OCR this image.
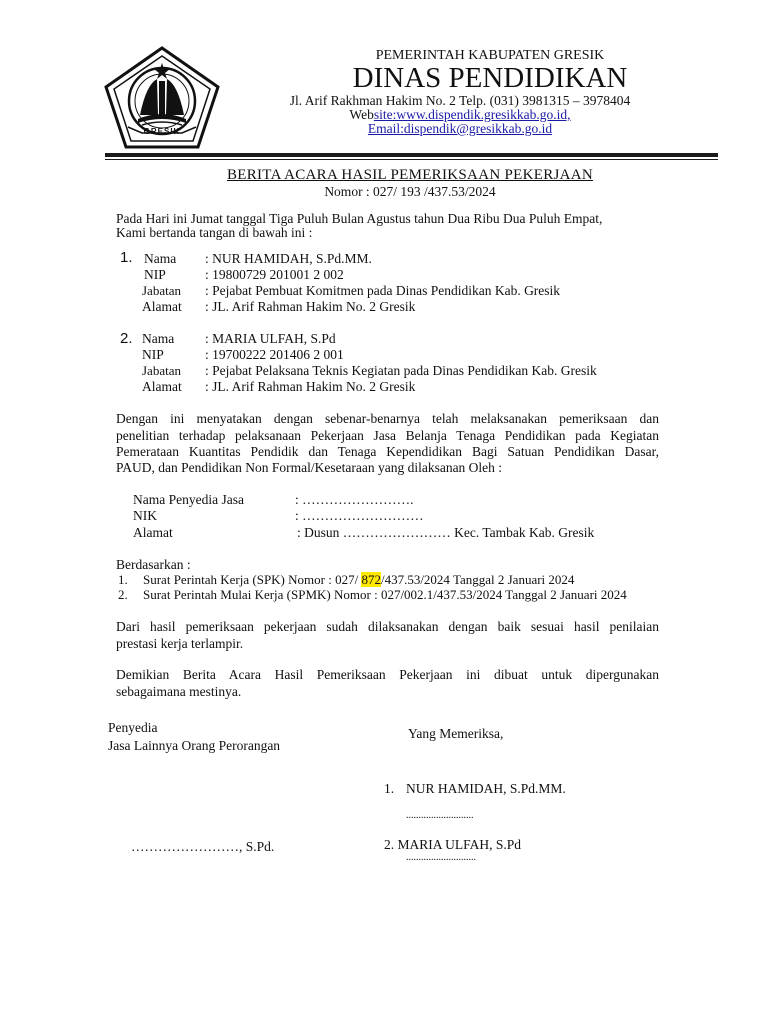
GRESIK
PEMERINTAH KABUPATEN GRESIK
DINAS PENDIDIKAN
Jl. Arif Rakhman Hakim No. 2 Telp. (031) 3981315 – 3978404
Website:www.dispendik.gresikkab.go.id,
Email:dispendik@gresikkab.go.id
BERITA ACARA HASIL PEMERIKSAAN PEKERJAAN
Nomor : 027/ 193 /437.53/2024
Pada Hari ini Jumat tanggal Tiga Puluh Bulan Agustus tahun Dua Ribu Dua Puluh Empat,
Kami bertanda tangan di bawah ini :
1. Nama : NUR HAMIDAH, S.Pd.MM.
NIP	: 19800729 201001 2 002
Jabatan : Pejabat Pembuat Komitmen pada Dinas Pendidikan Kab. Gresik
Alamat : JL. Arif Rahman Hakim No. 2 Gresik
2. Nama : MARIA ULFAH, S.Pd
NIP	: 19700222 201406 2 001
Jabatan : Pejabat Pelaksana Teknis Kegiatan pada Dinas Pendidikan Kab. Gresik
Alamat : JL. Arif Rahman Hakim No. 2 Gresik
Dengan ini menyatakan dengan sebenar-benarnya telah melaksanakan pemeriksaan dan
penelitian terhadap pelaksanaan Pekerjaan Jasa Belanja Tenaga Pendidikan pada Kegiatan
Pemerataan Kuantitas Pendidik dan Tenaga Kependidikan Bagi Satuan Pendidikan Dasar,
PAUD, dan Pendidikan Non Formal/Kesetaraan yang dilaksanan Oleh :
Nama Penyedia Jasa	: …………………….
NIK	: ………………………
Alamat	: Dusun …………………… Kec. Tambak Kab. Gresik
Berdasarkan :
1. Surat Perintah Kerja (SPK) Nomor : 027/ 872/437.53/2024 Tanggal 2 Januari 2024
2. Surat Perintah Mulai Kerja (SPMK) Nomor : 027/002.1/437.53/2024 Tanggal 2 Januari 2024
Dari hasil pemeriksaan pekerjaan sudah dilaksanakan dengan baik sesuai hasil penilaian
prestasi kerja terlampir.
Demikian Berita Acara Hasil Pemeriksaan Pekerjaan ini dibuat untuk dipergunakan
sebagaimana mestinya.
Penyedia
Jasa Lainnya Orang Perorangan
Yang Memeriksa,
1. NUR HAMIDAH, S.Pd.MM.
...........................
……………………, S.Pd.	2. MARIA ULFAH, S.Pd
............................
